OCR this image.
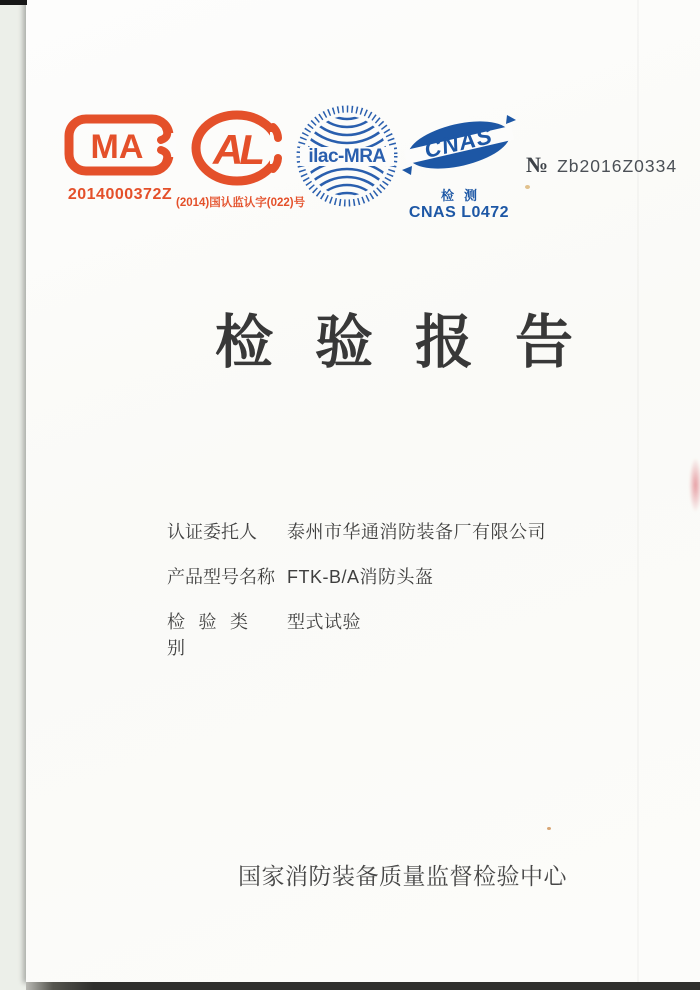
MA
2014000372Z
AL
(2014)国认监认字(022)号
ilac-MRA CNAS
检测
CNAS L0472
№ Zb2016Z0334
检验报告
认证委托人	泰州市华通消防装备厂有限公司
产品型号名称 FTK-B/A消防头盔
检验类别
型式试验
国家消防装备质量监督检验中心
